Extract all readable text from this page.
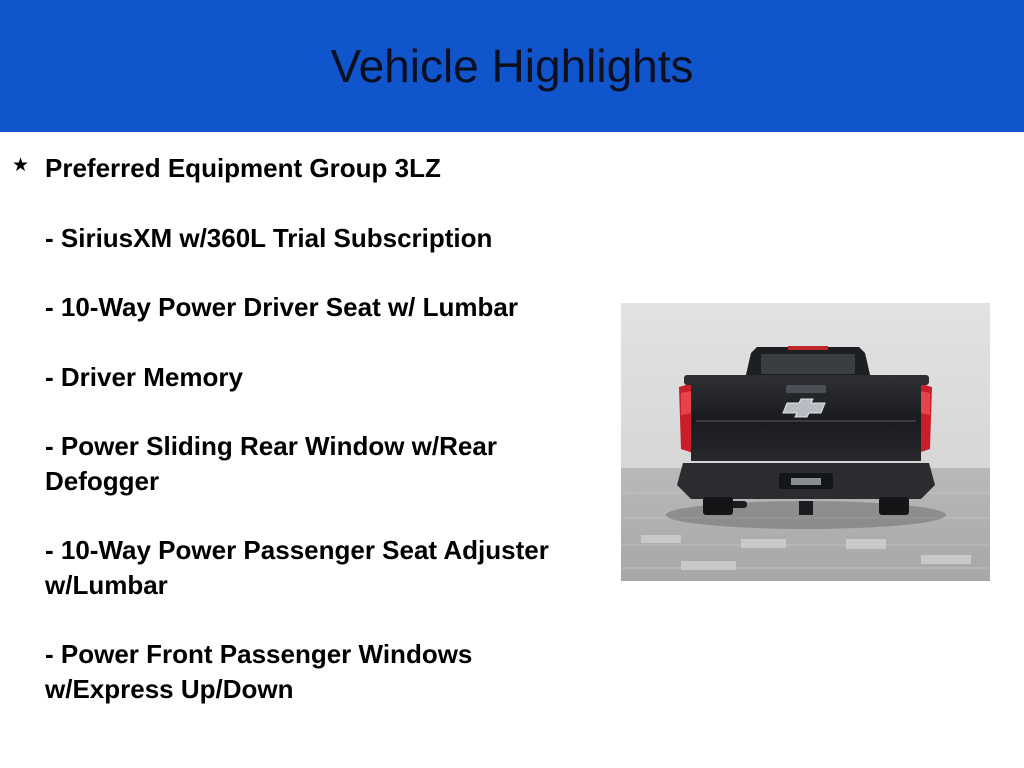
Vehicle Highlights
★ Preferred Equipment Group 3LZ

- SiriusXM w/360L Trial Subscription

- 10-Way Power Driver Seat w/ Lumbar

- Driver Memory

- Power Sliding Rear Window w/Rear Defogger

- 10-Way Power Passenger Seat Adjuster w/Lumbar

- Power Front Passenger Windows w/Express Up/Down
